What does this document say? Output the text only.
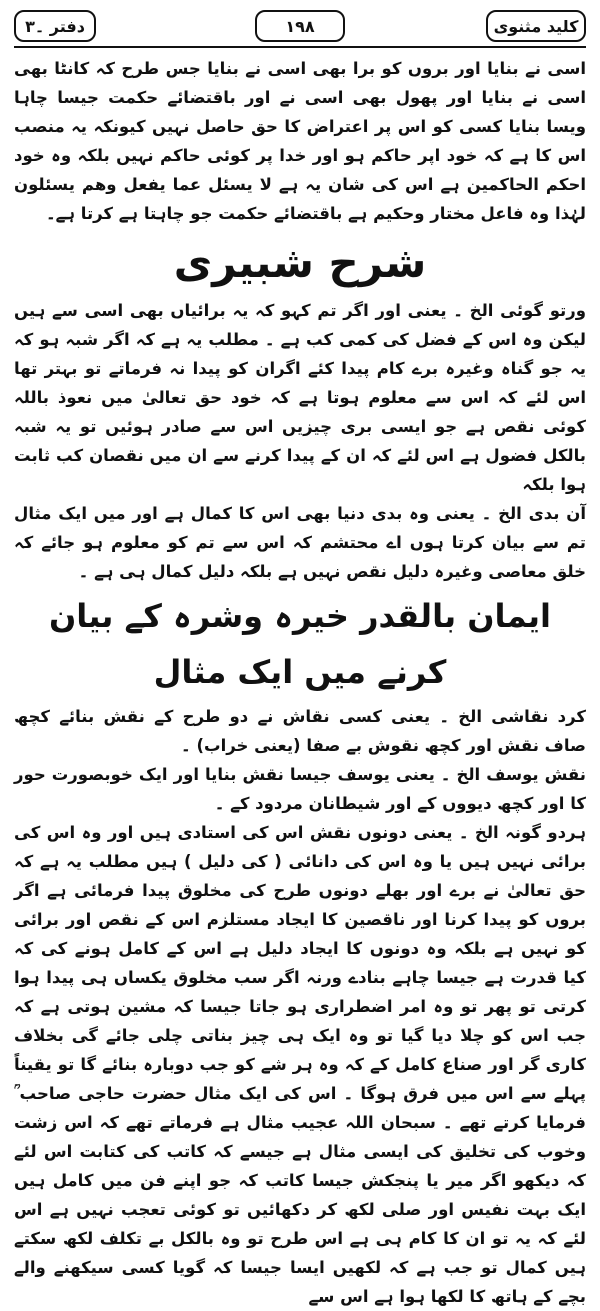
کلید مثنوی
۱۹۸
دفتر ۔۳

اسی نے بنایا اور بروں کو برا بھی اسی نے بنایا جس طرح کہ کانٹا بھی اسی نے بنایا اور پھول بھی اسی نے اور باقتضائے حکمت جیسا چاہا ویسا بنایا کسی کو اس پر اعتراض کا حق حاصل نہیں کیونکہ یہ منصب اس کا ہے کہ خود اپر حاکم ہو اور خدا پر کوئی حاکم نہیں بلکہ وہ خود احکم الحاکمین ہے اس کی شان یہ ہے لا یسئل عما یفعل وھم یسئلون لہٰذا وہ فاعل مختار وحکیم ہے باقتضائے حکمت جو چاہتا ہے کرتا ہے۔

شرح شبیری

ورتو گوئی الخ ۔ یعنی اور اگر تم کہو کہ یہ برائیاں بھی اسی سے ہیں لیکن وہ اس کے فضل کی کمی کب ہے ۔ مطلب یہ ہے کہ اگر شبہ ہو کہ یہ جو گناہ وغیرہ برے کام پیدا کئے اگران کو پیدا نہ فرماتے تو بہتر تھا اس لئے کہ اس سے معلوم ہوتا ہے کہ خود حق تعالیٰ میں نعوذ باللہ کوئی نقص ہے جو ایسی بری چیزیں اس سے صادر ہوئیں تو یہ شبہ بالکل فضول ہے اس لئے کہ ان کے پیدا کرنے سے ان میں نقصان کب ثابت ہوا بلکہ

آن بدی الخ ۔ یعنی وہ بدی دنیا بھی اس کا کمال ہے اور میں ایک مثال تم سے بیان کرتا ہوں اے محتشم کہ اس سے تم کو معلوم ہو جائے کہ خلق معاصی وغیرہ دلیل نقص نہیں ہے بلکہ دلیل کمال ہی ہے ۔

ایمان بالقدر خیرہ وشرہ کے بیان کرنے میں ایک مثال

کرد نقاشی الخ ۔ یعنی کسی نقاش نے دو طرح کے نقش بنائے کچھ صاف نقش اور کچھ نقوش بے صفا (یعنی خراب) ۔

نقش یوسف الخ ۔ یعنی یوسف جیسا نقش بنایا اور ایک خوبصورت حور کا اور کچھ دیووں کے اور شیطانان مردود کے ۔

ہردو گونہ الخ ۔ یعنی دونوں نقش اس کی استادی ہیں اور وہ اس کی برائی نہیں ہیں یا وہ اس کی دانائی ( کی دلیل ) ہیں مطلب یہ ہے کہ حق تعالیٰ نے برے اور بھلے دونوں طرح کی مخلوق پیدا فرمائی ہے اگر بروں کو پیدا کرنا اور ناقصین کا ایجاد مستلزم اس کے نقص اور برائی کو نہیں ہے بلکہ وہ دونوں کا ایجاد دلیل ہے اس کے کامل ہونے کی کہ کیا قدرت ہے جیسا چاہے بنادے ورنہ اگر سب مخلوق یکساں ہی پیدا ہوا کرتی تو پھر تو وہ امر اضطراری ہو جاتا جیسا کہ مشین ہوتی ہے کہ جب اس کو چلا دیا گیا تو وہ ایک ہی چیز بناتی چلی جائے گی بخلاف کاری گر اور صناع کامل کے کہ وہ ہر شے کو جب دوبارہ بنائے گا تو یقیناً پہلے سے اس میں فرق ہوگا ۔ اس کی ایک مثال حضرت حاجی صاحب ؒ فرمایا کرتے تھے ۔ سبحان اللہ عجیب مثال ہے فرماتے تھے کہ اس زشت وخوب کی تخلیق کی ایسی مثال ہے جیسے کہ کاتب کی کتابت اس لئے کہ دیکھو اگر میر یا پنجکش جیسا کاتب کہ جو اپنے فن میں کامل ہیں ایک بہت نفیس اور صلی لکھ کر دکھائیں تو کوئی تعجب نہیں ہے اس لئے کہ یہ تو ان کا کام ہی ہے اس طرح تو وہ بالکل بے تکلف لکھ سکتے ہیں کمال تو جب ہے کہ لکھیں ایسا جیسا کہ گویا کسی سیکھنے والے بچے کے ہاتھ کا لکھا ہوا ہے اس سے
